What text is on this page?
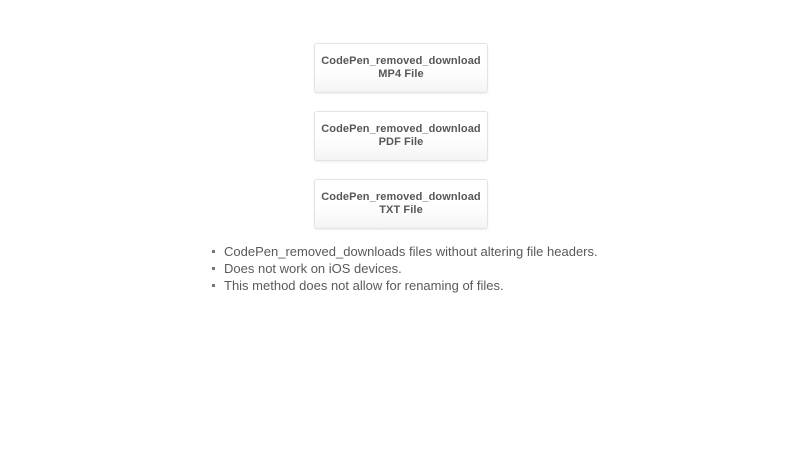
CodePen_removed_download
MP4 File
CodePen_removed_download
PDF File
CodePen_removed_download
TXT File
CodePen_removed_downloads files without altering file headers.
Does not work on iOS devices.
This method does not allow for renaming of files.
